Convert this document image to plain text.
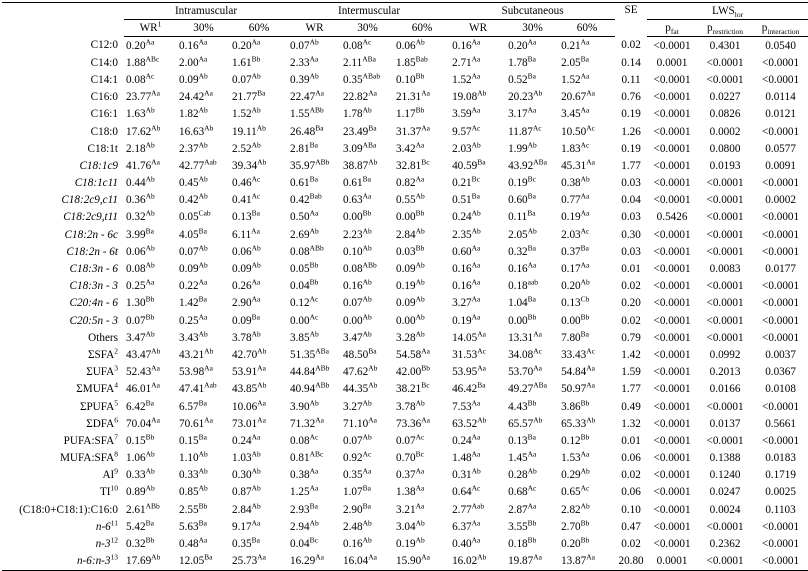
	Intramuscular			Intermuscular			Subcutaneous			SE	$LWS_{lor}$
	$WR^1$	30%	60%	WR	30%	60%	WR	30%	60%		$p_{fat}$	$p_{restriction}$	$p_{interaction}$
C12:0	$0.20^{Aa}$	$0.16^{Aa}$	$0.20^{Aa}$	$0.07^{Ab}$	$0.08^{Ac}$	$0.06^{Ab}$	$0.16^{Aa}$	$0.20^{Aa}$	$0.21^{Aa}$	0.02	<0.0001	0.4301	0.0540
C14:0	$1.88^{ABc}$	$2.00^{Aa}$	$1.61^{Bb}$	$2.33^{Aa}$	$2.11^{ABa}$	$1.85^{Bab}$	$2.71^{Aa}$	$1.78^{Ba}$	$2.05^{Ba}$	0.14	0.0001	<0.0001	<0.0001
C14:1	$0.08^{Ac}$	$0.09^{Ab}$	$0.07^{Ab}$	$0.39^{Ab}$	$0.35^{ABab}$	$0.10^{Bb}$	$1.52^{Aa}$	$0.52^{Ba}$	$1.52^{Aa}$	0.11	<0.0001	<0.0001	<0.0001
C16:0	$23.77^{Aa}$	$24.42^{Aa}$	$21.77^{Ba}$	$22.47^{Aa}$	$22.82^{Aa}$	$21.31^{Aa}$	$19.08^{Ab}$	$20.23^{Ab}$	$20.67^{Aa}$	0.76	<0.0001	0.0227	0.0114
C16:1	$1.63^{Ab}$	$1.82^{Ab}$	$1.52^{Ab}$	$1.55^{ABb}$	$1.78^{Ab}$	$1.17^{Bb}$	$3.59^{Aa}$	$3.17^{Aa}$	$3.45^{Aa}$	0.19	<0.0001	0.0826	0.0121
C18:0	$17.62^{Ab}$	$16.63^{Ab}$	$19.11^{Ab}$	$26.48^{Ba}$	$23.49^{Ba}$	$31.37^{Aa}$	$9.57^{Ac}$	$11.87^{Ac}$	$10.50^{Ac}$	1.26	<0.0001	0.0002	<0.0001
C18:1t	$2.18^{Ab}$	$2.37^{Ab}$	$2.52^{Ab}$	$2.81^{Ba}$	$3.09^{ABa}$	$3.42^{Aa}$	$2.03^{Ab}$	$1.99^{Ab}$	$1.83^{Ac}$	0.19	<0.0001	0.0800	0.0577
C18:1c9	$41.76^{Aa}$	$42.77^{Aab}$	$39.34^{Ab}$	$35.97^{ABb}$	$38.87^{Ab}$	$32.81^{Bc}$	$40.59^{Ba}$	$43.92^{ABa}$	$45.31^{Aa}$	1.77	<0.0001	0.0193	0.0091
C18:1c11	$0.44^{Ab}$	$0.45^{Ab}$	$0.46^{Ac}$	$0.61^{Ba}$	$0.61^{Ba}$	$0.82^{Aa}$	$0.21^{Bc}$	$0.19^{Bc}$	$0.38^{Ab}$	0.03	<0.0001	<0.0001	<0.0001
C18:2c9,c11	$0.36^{Ab}$	$0.42^{Ab}$	$0.41^{Ac}$	$0.42^{Bab}$	$0.63^{Aa}$	$0.55^{Ab}$	$0.51^{Ba}$	$0.60^{Ba}$	$0.77^{Aa}$	0.04	<0.0001	<0.0001	0.0002
C18:2c9,t11	$0.32^{Ab}$	$0.05^{Cab}$	$0.13^{Ba}$	$0.50^{Aa}$	$0.00^{Bb}$	$0.00^{Bb}$	$0.24^{Ab}$	$0.11^{Ba}$	$0.19^{Aa}$	0.03	0.5426	<0.0001	<0.0001
C18:2n - 6c	$3.99^{Ba}$	$4.05^{Ba}$	$6.11^{Aa}$	$2.69^{Ab}$	$2.23^{Ab}$	$2.84^{Ab}$	$2.35^{Ab}$	$2.05^{Ab}$	$2.03^{Ac}$	0.30	<0.0001	<0.0001	<0.0001
C18:2n - 6t	$0.06^{Ab}$	$0.07^{Ab}$	$0.06^{Ab}$	$0.08^{ABb}$	$0.10^{Ab}$	$0.03^{Bb}$	$0.60^{Aa}$	$0.32^{Ba}$	$0.37^{Ba}$	0.03	<0.0001	<0.0001	<0.0001
C18:3n - 6	$0.08^{Ab}$	$0.09^{Ab}$	$0.09^{Ab}$	$0.05^{Bb}$	$0.08^{ABb}$	$0.09^{Ab}$	$0.16^{Aa}$	$0.16^{Aa}$	$0.17^{Aa}$	0.01	<0.0001	0.0083	0.0177
C18:3n - 3	$0.25^{Aa}$	$0.22^{Aa}$	$0.26^{Aa}$	$0.04^{Bb}$	$0.16^{Ab}$	$0.19^{Ab}$	$0.16^{Aa}$	0.18$^{aab}$	$0.20^{Ab}$	0.02	<0.0001	<0.0001	<0.0001
C20:4n - 6	$1.30^{Bb}$	$1.42^{Ba}$	$2.90^{Aa}$	$0.12^{Ac}$	$0.07^{Ab}$	$0.09^{Ab}$	$3.27^{Aa}$	$1.04^{Ba}$	$0.13^{Cb}$	0.20	<0.0001	<0.0001	<0.0001
C20:5n - 3	$0.07^{Bb}$	$0.25^{Aa}$	$0.09^{Ba}$	$0.00^{Ac}$	$0.00^{Ab}$	$0.00^{Ab}$	$0.19^{Aa}$	$0.00^{Bb}$	$0.00^{Bb}$	0.02	<0.0001	<0.0001	<0.0001
Others	$3.47^{Ab}$	$3.43^{Ab}$	$3.78^{Ab}$	$3.85^{Ab}$	$3.47^{Ab}$	$3.28^{Ab}$	$14.05^{Aa}$	$13.31^{Aa}$	$7.80^{Ba}$	0.79	<0.0001	<0.0001	<0.0001
ΣSFA$^2$	$43.47^{Ab}$	$43.21^{Ab}$	$42.70^{Ab}$	$51.35^{ABa}$	$48.50^{Ba}$	$54.58^{Aa}$	$31.53^{Ac}$	$34.08^{Ac}$	$33.43^{Ac}$	1.42	<0.0001	0.0992	0.0037
ΣUFA$^3$	$52.43^{Aa}$	$53.98^{Aa}$	$53.91^{Aa}$	$44.84^{ABb}$	$47.62^{Ab}$	$42.00^{Bb}$	$53.95^{Aa}$	$53.70^{Aa}$	$54.84^{Aa}$	1.59	<0.0001	0.2013	0.0367
ΣMUFA$^4$	$46.01^{Aa}$	$47.41^{Aab}$	$43.85^{Ab}$	$40.94^{ABb}$	$44.35^{Ab}$	$38.21^{Bc}$	$46.42^{Ba}$	$49.27^{ABa}$	$50.97^{Aa}$	1.77	<0.0001	0.0166	0.0108
ΣPUFA$^5$	$6.42^{Ba}$	$6.57^{Ba}$	$10.06^{Aa}$	$3.90^{Ab}$	$3.27^{Ab}$	$3.78^{Ab}$	$7.53^{Aa}$	$4.43^{Bb}$	$3.86^{Bb}$	0.49	<0.0001	<0.0001	<0.0001
ΣDFA$^6$	$70.04^{Aa}$	$70.61^{Aa}$	$73.01^{Aa}$	$71.32^{Aa}$	$71.10^{Aa}$	$73.36^{Aa}$	$63.52^{Ab}$	$65.57^{Ab}$	$65.33^{Ab}$	1.32	<0.0001	0.0137	0.5661
PUFA:SFA$^7$	$0.15^{Bb}$	$0.15^{Ba}$	$0.24^{Aa}$	$0.08^{Ac}$	$0.07^{Ab}$	$0.07^{Ac}$	$0.24^{Aa}$	$0.13^{Ba}$	$0.12^{Bb}$	0.01	<0.0001	<0.0001	<0.0001
MUFA:SFA$^8$	$1.06^{Ab}$	$1.10^{Ab}$	$1.03^{Ab}$	$0.81^{ABc}$	$0.92^{Ac}$	$0.70^{Bc}$	$1.48^{Aa}$	$1.45^{Aa}$	$1.53^{Aa}$	0.06	<0.0001	0.1388	0.0183
$AI^9$	$0.33^{Ab}$	$0.33^{Ab}$	$0.30^{Ab}$	$0.38^{Aa}$	$0.35^{Aa}$	$0.37^{Aa}$	$0.31^{Ab}$	$0.28^{Ab}$	$0.29^{Ab}$	0.02	<0.0001	0.1240	0.1719
TI$^{10}$	$0.89^{Ab}$	$0.85^{Ab}$	$0.87^{Ab}$	$1.25^{Aa}$	$1.07^{Ba}$	$1.38^{Aa}$	$0.64^{Ac}$	$0.68^{Ac}$	$0.65^{Ac}$	0.06	<0.0001	0.0247	0.0025
(C18:0+C18:1):C16:0	$2.61^{ABb}$	$2.55^{Bb}$	$2.84^{Ab}$	$2.93^{Ba}$	$2.90^{Ba}$	$3.21^{Aa}$	$2.77^{Aab}$	$2.87^{Aa}$	$2.82^{Ab}$	0.10	<0.0001	0.0024	0.1103
$n-6^{11}$	$5.42^{Ba}$	$5.63^{Ba}$	$9.17^{Aa}$	$2.94^{Ab}$	$2.48^{Ab}$	$3.04^{Ab}$	$6.37^{Aa}$	$3.55^{Bb}$	$2.70^{Bb}$	0.47	<0.0001	<0.0001	<0.0001
$n-3^{12}$	$0.32^{Bb}$	$0.48^{Aa}$	$0.35^{Ba}$	$0.04^{Bc}$	$0.16^{Ab}$	$0.19^{Ab}$	$0.40^{Aa}$	$0.18^{Bb}$	$0.20^{Bb}$	0.02	<0.0001	0.2362	<0.0001
$n-6:n-3^{13}$	$17.69^{Ab}$	$12.05^{Ba}$	$25.73^{Aa}$	$16.29^{Aa}$	$16.04^{Aa}$	$15.90^{Aa}$	$16.02^{Ab}$	$19.87^{Aa}$	$13.87^{Aa}$	20.80	0.0001	<0.0001	<0.0001
